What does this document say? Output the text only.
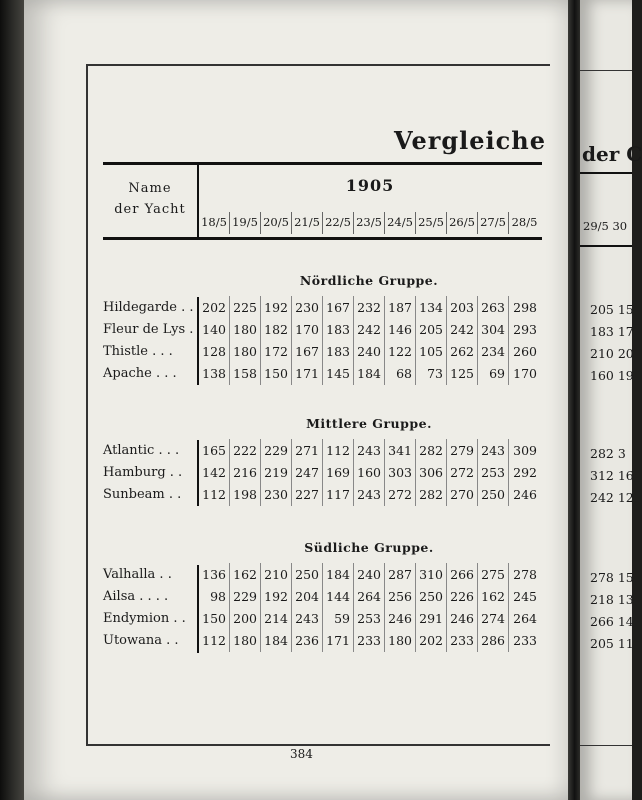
Vergleiche
Name
der Yacht
1905
18/5 19/5 20/5 21/5 22/5 23/5 24/5 25/5 26/5 27/5 28/5
Nördliche Gruppe.
Hildegarde . . 202 225 192 230 167 232 187 134 203 263 298
Fleur de Lys . 140 180 182 170 183 242 146 205 242 304 293
Thistle . . .	128 180 172 167 183 240 122 105 262 234 260
Apache . . .	138 158 150 171 145 184	68	73 125	69 170
Mittlere Gruppe.
Atlantic . . .	165 222 229 271 112 243 341 282 279 243 309
Hamburg . .	142 216 219 247 169 160 303 306 272 253 292
Sunbeam . .	112 198 230 227 117 243 272 282 270 250 246
Südliche Gruppe.
Valhalla . .	136 162 210 250 184 240 287 310 266 275 278
Ailsa . . . .	98 229 192 204 144 264 256 250 226 162 245
Endymion . .	150 200 214 243	59 253 246 291 246 274 264
Utowana . .	112 180 184 236 171 233 180 202 233 286 233
384
der C
29/5 30
205 15
183 17
210 20
160 19
282 3
312 16
242 12
278 15
218 13
266 14
205 11
